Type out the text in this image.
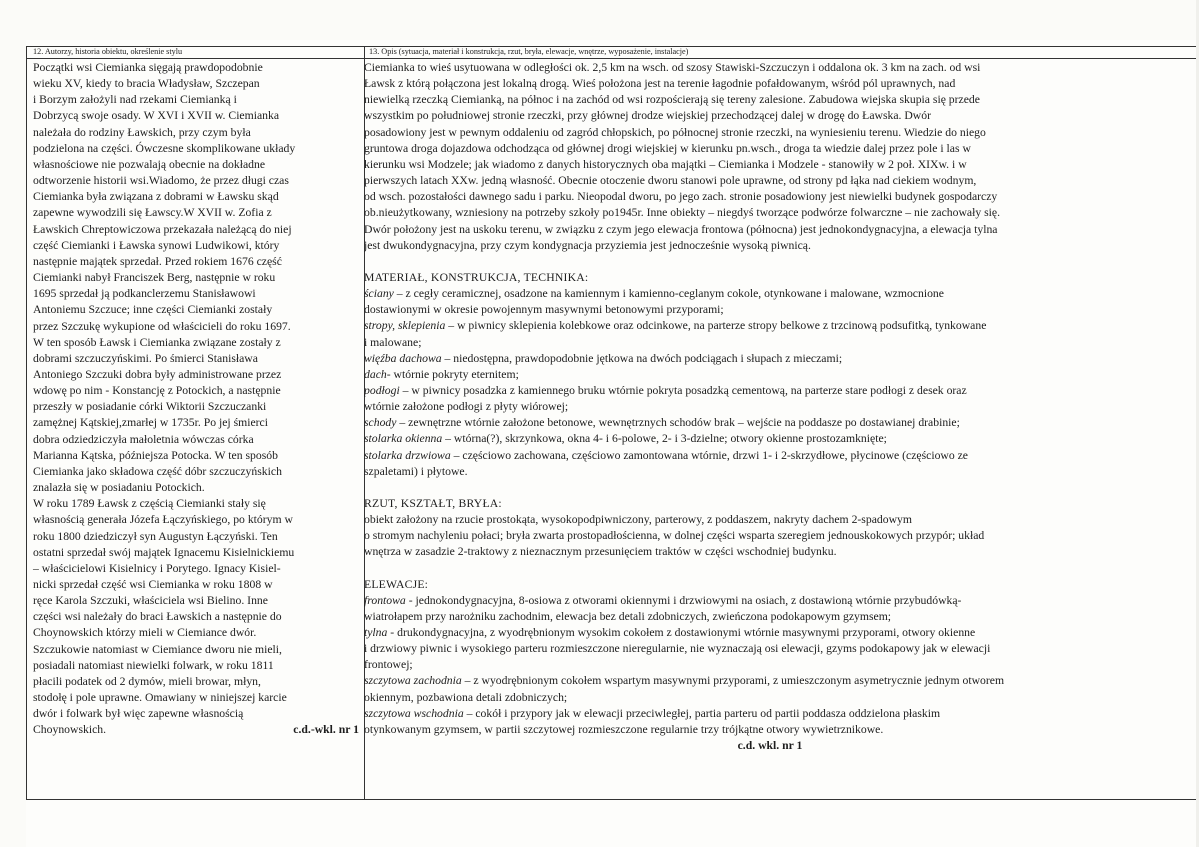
12. Autorzy, historia obiektu, określenie stylu	13. Opis (sytuacja, materiał i konstrukcja, rzut, bryła, elewacje, wnętrze, wyposażenie, instalacje)

Początki wsi Ciemianka sięgają prawdopodobnie

wieku XV, kiedy to bracia Władysław, Szczepan

i Borzym założyli nad rzekami Ciemianką i

Dobrzycą swoje osady. W XVI i XVII w. Ciemianka

należała do rodziny Ławskich, przy czym była

podzielona na części. Ówczesne skomplikowane układy

własnościowe nie pozwalają obecnie na dokładne

odtworzenie historii wsi.Wiadomo, że przez długi czas

Ciemianka była związana z dobrami w Ławsku skąd

zapewne wywodzili się Ławscy.W XVII w. Zofia z

Ławskich Chreptowiczowa przekazała należącą do niej

część Ciemianki i Ławska synowi Ludwikowi, który

następnie majątek sprzedał. Przed rokiem 1676 część

Ciemianki nabył Franciszek Berg, następnie w roku

1695 sprzedał ją podkanclerzemu Stanisławowi

Antoniemu Szczuce; inne części Ciemianki zostały

przez Szczukę wykupione od właścicieli do roku 1697.

W ten sposób Ławsk i Ciemianka związane zostały z

dobrami szczuczyńskimi. Po śmierci Stanisława

Antoniego Szczuki dobra były administrowane przez

wdowę po nim - Konstancję z Potockich, a następnie

przeszły w posiadanie córki Wiktorii Szczuczanki

zamężnej Kątskiej,zmarłej w 1735r. Po jej śmierci

dobra odziedziczyła małoletnia wówczas córka

Marianna Kątska, późniejsza Potocka. W ten sposób

Ciemianka jako składowa część dóbr szczuczyńskich

znalazła się w posiadaniu Potockich.

W roku 1789 Ławsk z częścią Ciemianki stały się

własnością generała Józefa Łączyńskiego, po którym w

roku 1800 dziedziczył syn Augustyn Łączyński. Ten

ostatni sprzedał swój majątek Ignacemu Kisielnickiemu

– właścicielowi Kisielnicy i Porytego. Ignacy Kisiel-

nicki sprzedał część wsi Ciemianka w roku 1808 w

ręce Karola Szczuki, właściciela wsi Bielino. Inne

części wsi należały do braci Ławskich a następnie do

Choynowskich którzy mieli w Ciemiance dwór.

Szczukowie natomiast w Ciemiance dworu nie mieli,

posiadali natomiast niewielki folwark, w roku 1811

płacili podatek od 2 dymów, mieli browar, młyn,

stodołę i pole uprawne. Omawiany w niniejszej karcie

dwór i folwark był więc zapewne własnością

Choynowskich.	c.d.-wkl. nr 1

Ciemianka to wieś usytuowana w odległości ok. 2,5 km na wsch. od szosy Stawiski-Szczuczyn i oddalona ok. 3 km na zach. od wsi

Ławsk z którą połączona jest lokalną drogą. Wieś położona jest na terenie łagodnie pofałdowanym, wśród pól uprawnych, nad

niewielką rzeczką Ciemianką, na północ i na zachód od wsi rozpościerają się tereny zalesione. Zabudowa wiejska skupia się przede

wszystkim po południowej stronie rzeczki, przy głównej drodze wiejskiej przechodzącej dalej w drogę do Ławska. Dwór

posadowiony jest w pewnym oddaleniu od zagród chłopskich, po północnej stronie rzeczki, na wyniesieniu terenu. Wiedzie do niego

gruntowa droga dojazdowa odchodząca od głównej drogi wiejskiej w kierunku pn.wsch., droga ta wiedzie dalej przez pole i las w

kierunku wsi Modzele; jak wiadomo z danych historycznych oba majątki – Ciemianka i Modzele - stanowiły w 2 poł. XIXw. i w

pierwszych latach XXw. jedną własność. Obecnie otoczenie dworu stanowi pole uprawne, od strony pd łąka nad ciekiem wodnym,

od wsch. pozostałości dawnego sadu i parku. Nieopodal dworu, po jego zach. stronie posadowiony jest niewielki budynek gospodarczy

ob.nieużytkowany, wzniesiony na potrzeby szkoły po1945r. Inne obiekty – niegdyś tworzące podwórze folwarczne – nie zachowały się.

Dwór położony jest na uskoku terenu, w związku z czym jego elewacja frontowa (północna) jest jednokondygnacyjna, a elewacja tylna

jest dwukondygnacyjna, przy czym kondygnacja przyziemia jest jednocześnie wysoką piwnicą.

MATERIAŁ, KONSTRUKCJA, TECHNIKA:

ściany – z cegły ceramicznej, osadzone na kamiennym i kamienno-ceglanym cokole, otynkowane i malowane, wzmocnione

dostawionymi w okresie powojennym masywnymi betonowymi przyporami;

stropy, sklepienia – w piwnicy sklepienia kolebkowe oraz odcinkowe, na parterze stropy belkowe z trzcinową podsufitką, tynkowane

i malowane;

więźba dachowa – niedostępna, prawdopodobnie jętkowa na dwóch podciągach i słupach z mieczami;

dach- wtórnie pokryty eternitem;

podłogi – w piwnicy posadzka z kamiennego bruku wtórnie pokryta posadzką cementową, na parterze stare podłogi z desek oraz

wtórnie założone podłogi z płyty wiórowej;

schody – zewnętrzne wtórnie założone betonowe, wewnętrznych schodów brak – wejście na poddasze po dostawianej drabinie;

stolarka okienna – wtórna(?), skrzynkowa, okna 4- i 6-polowe, 2- i 3-dzielne; otwory okienne prostozamknięte;

stolarka drzwiowa – częściowo zachowana, częściowo zamontowana wtórnie, drzwi 1- i 2-skrzydłowe, płycinowe (częściowo ze

szpaletami) i płytowe.

RZUT, KSZTAŁT, BRYŁA:

obiekt założony na rzucie prostokąta, wysokopodpiwniczony, parterowy, z poddaszem, nakryty dachem 2-spadowym

o stromym nachyleniu połaci; bryła zwarta prostopadłościenna, w dolnej części wsparta szeregiem jednouskokowych przypór; układ

wnętrza w zasadzie 2-traktowy z nieznacznym przesunięciem traktów w części wschodniej budynku.

ELEWACJE:

frontowa - jednokondygnacyjna, 8-osiowa z otworami okiennymi i drzwiowymi na osiach, z dostawioną wtórnie przybudówką-

wiatrołapem przy narożniku zachodnim, elewacja bez detali zdobniczych, zwieńczona podokapowym gzymsem;

tylna - drukondygnacyjna, z wyodrębnionym wysokim cokołem z dostawionymi wtórnie masywnymi przyporami, otwory okienne

i drzwiowy piwnic i wysokiego parteru rozmieszczone nieregularnie, nie wyznaczają osi elewacji, gzyms podokapowy jak w elewacji

frontowej;

szczytowa zachodnia – z wyodrębnionym cokołem wspartym masywnymi przyporami, z umieszczonym asymetrycznie jednym otworem

okiennym, pozbawiona detali zdobniczych;

szczytowa wschodnia – cokół i przypory jak w elewacji przeciwległej, partia parteru od partii poddasza oddzielona płaskim

otynkowanym gzymsem, w partii szczytowej rozmieszczone regularnie trzy trójkątne otwory wywietrznikowe.

c.d. wkl. nr 1
